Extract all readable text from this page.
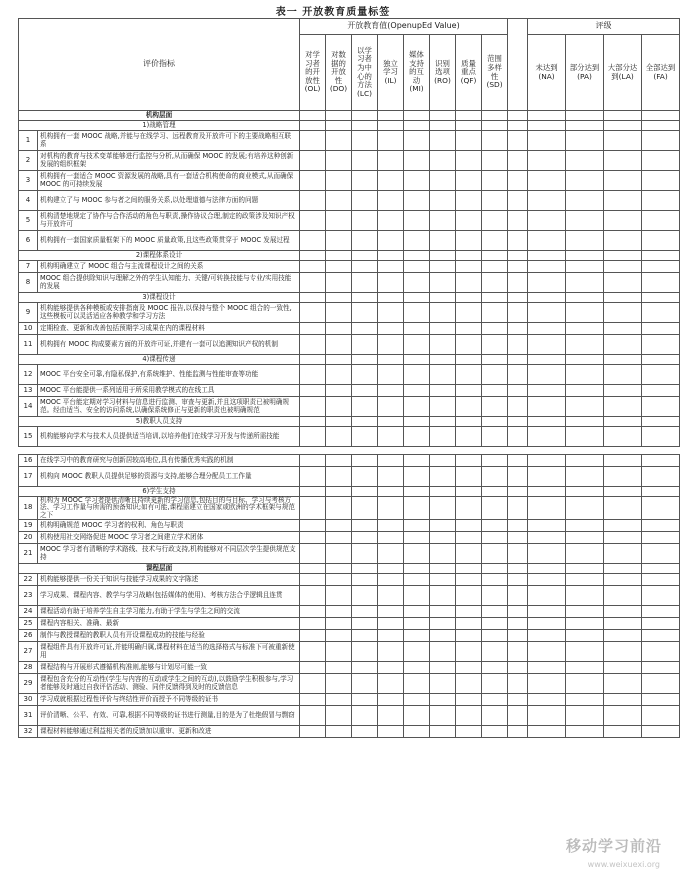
表一 开放教育质量标签
评价指标		开放教育值(OpenupEd Value)									评级			
		对学习者的开放性(OL)	对数据的开放性(DO)	以学习者为中心的方法(LC)	独立学习(IL)	媒体支持的互动(MI)	识别选项(RO)	质量重点(QF)	范围多样性(SD)		未达到(NA)	部分达到(PA)	大部分达到(LA)	全部达到(FA)
机构层面														
1)战略管理														
1	机构拥有一套 MOOC 战略,并能与在线学习、远程教育及开放许可下的主要战略相互联系													
2	对机构的教育与技术变革能够进行监控与分析,从而确保 MOOC 的发展;有培养这种创新发展的组织框架													
3	机构拥有一套适合 MOOC 资源发展的战略,具有一套适合机构使命的商业模式,从而确保 MOOC 的可持续发展													
4	机构建立了与 MOOC 参与者之间的服务关系,以处理道德与法律方面的问题													
5	机构清楚地规定了协作与合作活动的角色与职责,操作协议合理,制定的政策涉及知识产权与开放许可													
6	机构拥有一套国家质量框架下的 MOOC 质量政策,且这些政策贯穿于 MOOC 发展过程													
2)课程体系设计														
7	机构明确建立了 MOOC 组合与主流课程设计之间的关系													
8	MOOC 组合提供除知识与理解之外的学生认知能力、关键/可转换技能与专业/实用技能的发展													
3)课程设计														
9	机构能够提供各种模板或安排指南及 MOOC 报告,以保持与整个 MOOC 组合的一致性,这些模板可以灵活适应各种教学和学习方法													
10	定期检查、更新和改善包括预期学习成果在内的课程材料													
11	机构拥有 MOOC 构成要素方面的开放许可证,并建有一套可以追溯知识产权的机制													
4)课程传递														
12	MOOC 平台安全可靠,有隐私保护,有系统维护、性能监测与性能审查等功能													
13	MOOC 平台能提供一系列适用于所采用教学模式的在线工具													
14	MOOC 平台能定期对学习材料与信息进行监测、审查与更新,并且这项职责已被明确规范。经由适当、安全的访问系统,以确保系统修正与更新的职责也被明确规范													
5)教职人员支持														
15	机构能够向学术与技术人员提供适当培训,以培养他们在线学习开发与传递所需技能													
16	在线学习中的教育研究与创新居较高地位,具有传播优秀实践的机制													
17	机构向 MOOC 教职人员提供足够的资源与支持,能够合理分配员工工作量													
6)学生支持														
18	机构为 MOOC 学习者提供清晰且持续更新的学习信息,包括目的与目标、学习与考核方法、学习工作量与所需的预备知识;如有可能,课程需建立在国家或欧洲的学术框架与规范之下													
19	机构明确规范 MOOC 学习者的权利、角色与职责													
20	机构使用社交网络促进 MOOC 学习者之间建立学术团体													
21	MOOC 学习者有清晰的学术路线、技术与行政支持,机构能够对不同层次学生提供规范支持													
课程层面														
22	机构能够提供一份关于知识与技能学习成果的文字陈述													
23	学习成果、课程内容、教学与学习战略(包括媒体的使用)、考核方法合乎逻辑且连贯													
24	课程活动有助于培养学生自主学习能力,有助于学生与学生之间的交流													
25	课程内容相关、准确、最新													
26	制作与教授课程的教职人员有开设课程成功的技能与经验													
27	课程组件具有开放许可证,并能明确归属,课程材料在适当的选择格式与标准下可被重新使用													
28	课程结构与开展形式遵循机构准则,能够与计划尽可能一致													
29	课程包含充分的互动性(学生与内容的互动或学生之间的互动),以鼓励学生积极参与,学习者能够及时通过自我评估活动、测验、同伴反馈得到及时的反馈信息													
30	学习成就根据过程性评价与终结性评价而授予不同等级的证书													
31	评价清晰、公平、有效、可靠,根据不同等级的证书进行测量,目的是为了杜绝假冒与剽窃													
32	课程材料能够通过利益相关者的反馈加以重审、更新和改进													
移动学习前沿
www.weixuexi.org
